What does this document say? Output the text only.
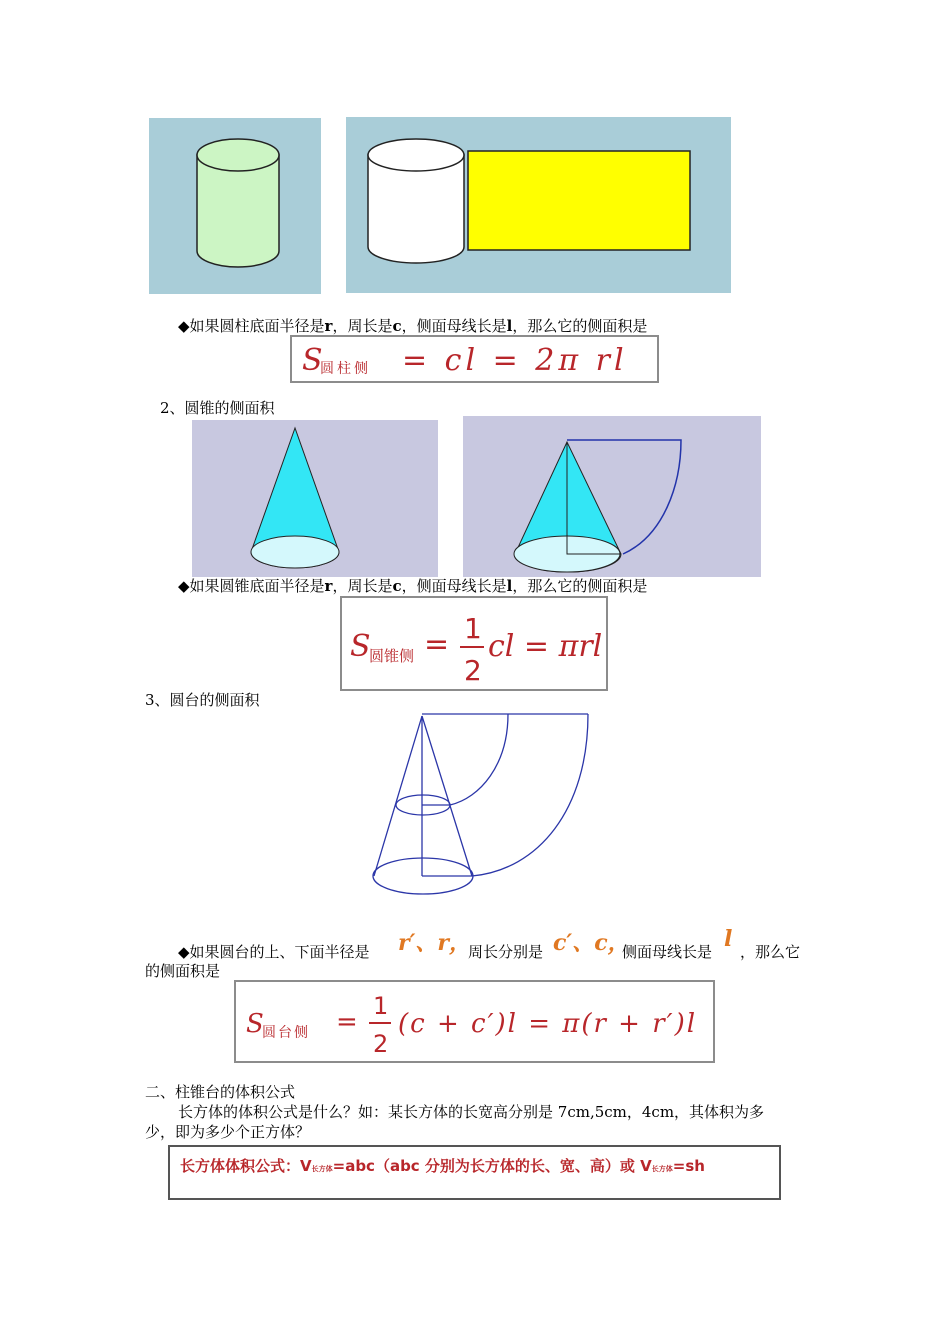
◆如果圆柱底面半径是r，周长是c，侧面母线长是l，那么它的侧面积是
S
圆柱侧 = cl = 2π rl
2、圆锥的侧面积
◆如果圆锥底面半径是r，周长是c，侧面母线长是l，那么它的侧面积是
S
圆锥侧 = 1
2
cl = πrl
3、圆台的侧面积
◆如果圆台的上、下面半径是 r′、r，
周长分别是 c′、c，
侧面母线长是 l ，那么它
的侧面积是
S
圆台侧 =
1
2
(c + c′)l = π(r + r′)l
二、柱锥台的体积公式
长方体的体积公式是什么？如：某长方体的长宽高分别是 7cm,5cm，4cm，其体积为多
少，即为多少个正方体？
长方体体积公式：V长方体=abc（abc 分别为长方体的长、宽、高）或 V长方体=sh
